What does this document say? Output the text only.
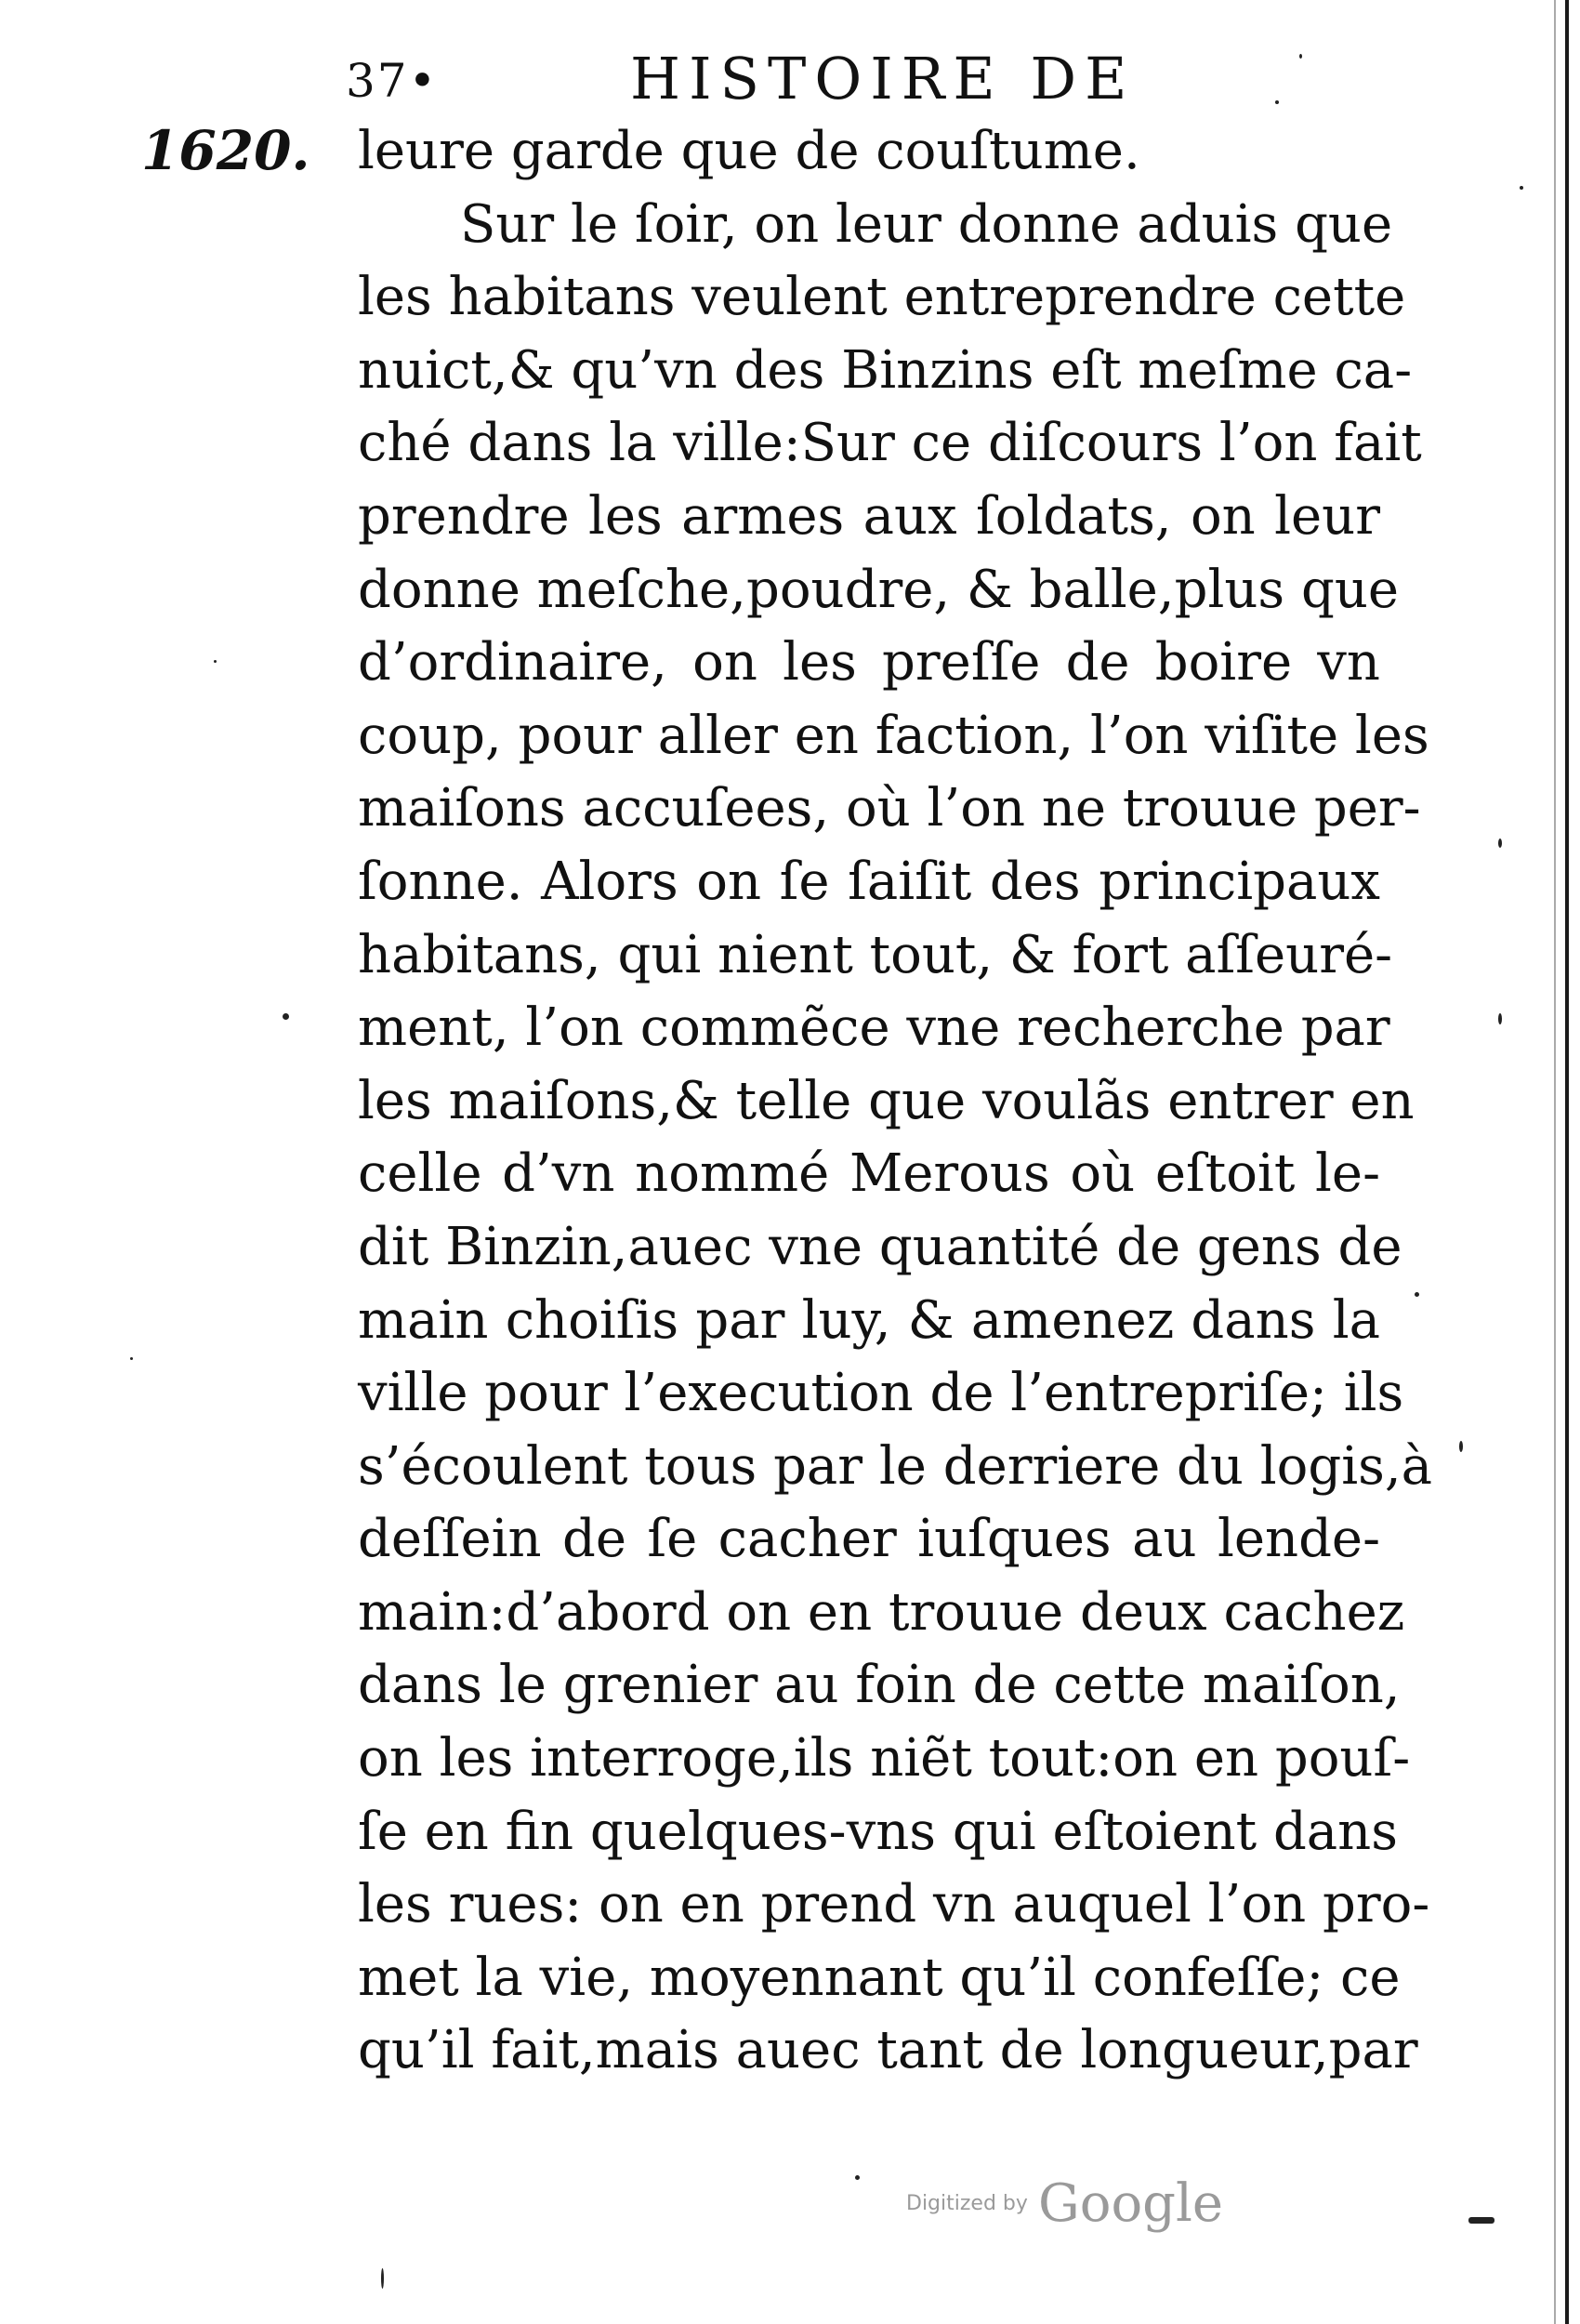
37•	HISTOIRE DE
1620. leure garde que de couſtume.
Sur le ſoir, on leur donne aduis que
les habitans veulent entreprendre cette
nuict,& qu’vn des Binzins eſt meſme ca-
ché dans la ville:Sur ce diſcours l’on fait
prendre les armes aux ſoldats, on leur
donne meſche,poudre, & balle,plus que
d’ordinaire, on les preſſe de boire vn
coup, pour aller en faction, l’on viſite les
maiſons accuſees, où l’on ne trouue per-
ſonne. Alors on ſe ſaiſit des principaux
habitans, qui nient tout, & fort aſſeuré-
ment, l’on commẽce vne recherche par
les maiſons,& telle que voulãs entrer en
celle d’vn nommé Merous où eſtoit le-
dit Binzin,auec vne quantité de gens de
main choiſis par luy, & amenez dans la
ville pour l’execution de l’entrepriſe; ils
s’écoulent tous par le derriere du logis,à
deſſein de ſe cacher iuſques au lende-
main:d’abord on en trouue deux cachez
dans le grenier au foin de cette maiſon,
on les interroge,ils niẽt tout:on en pouſ-
ſe en fin quelques-vns qui eſtoient dans
les rues: on en prend vn auquel l’on pro-
met la vie, moyennant qu’il confeſſe; ce
qu’il fait,mais auec tant de longueur,par
Digitized by Google
